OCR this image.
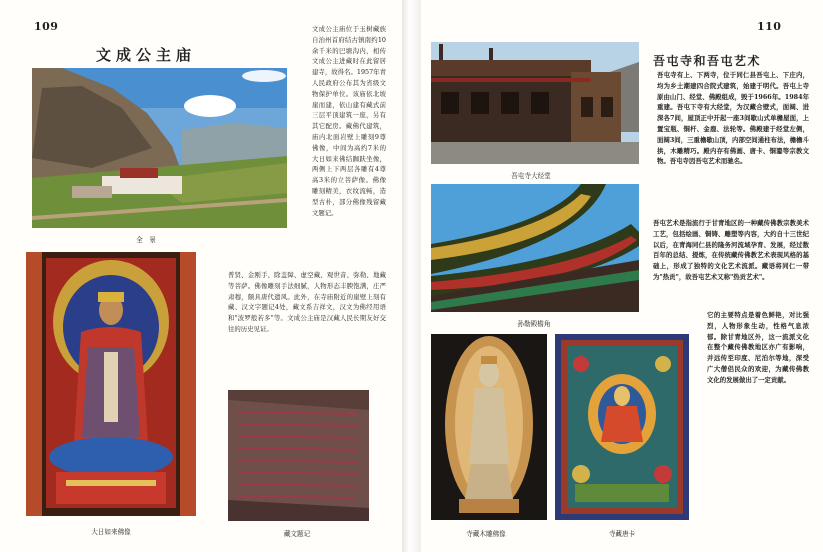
109
文成公主庙
全　景
文成公主庙位于玉树藏族自治州首府结古镇南约10余千米的巴塘沟内，相传文成公主进藏时在此留居建寺，故得名。1957年青人民政府公布其为省级文物保护单位。该庙依北坡崖而建，依山建有藏式前三层平顶建筑一座，另有其它配房。藏佛代建筑，庙内北面岩壁上雕刻9尊佛像，中间为高约7米的大日如来佛结跏趺坐像，两侧上下两层各雕有4尊高3米的立菩萨像。佛像雕刻精美，衣纹流畅，造型古朴，部分佛像残留藏文题记。
大日如来佛像
普贤、金刚手、除盖障、虚空藏、观世音、弥勒、地藏等菩萨。佛像雕刻手法细腻，人物形态丰腴饱满，庄严肃穆，颇具唐代遗风。此外，在寺庙附近的崖壁上刻有藏、汉文字题记4处，藏文系吉祥文，汉文为佛经用语和"波罗般若多"等。文成公主庙是汉藏人民长期友好交往的历史见证。
藏文题记
110
吾屯寺大经堂
吾屯寺和吾屯艺术
吾屯寺有上、下两寺，位于同仁县吾屯上、下庄内，均为乡土潮建四合院式建筑，始建于明代。吾屯上寺原由山门、经堂、佛殿组成，毁于1966年。1984年重建。吾屯下寺有大经堂，为汉藏合壁式，面阔、进深各7间，屋顶正中开起一座3间歇山式单檐屋面，上置宝瓶、铜杆、金鹿、法轮等。佛殿建于经堂左侧，面阔3间，三重檐歇山顶，内部空间通柱布法，檐檐斗拱，木雕精巧。殿内存有佛画、唐卡、铜鎏等宗教文物。吾屯寺因吾屯艺术而驰名。
孙勒殿檐角
吾屯艺术是指流行于甘青地区的一种藏传佛教宗教美术工艺，包括绘画、铜铸、雕塑等内容，大约自十三世纪以后，在青海同仁县的隆务河流域孕育、发展，经过数百年的总结、提炼，在传统藏传佛教艺术表现风格的基础上，形成了独特的文化艺术流派。藏语将同仁一带为"热贡"，故吾屯艺术又称"热贡艺术"。
它的主要特点是着色鲜艳，对比强烈，人物形象生动，性格气息浓郁。除甘青地区外，这一流派文化在整个藏传佛教地区亦广有影响，并远传至印度、尼泊尔等地，深受广大僧侣民众的欢迎，为藏传佛教文化的发展做出了一定贡献。
寺藏木雕佛像	寺藏唐卡
